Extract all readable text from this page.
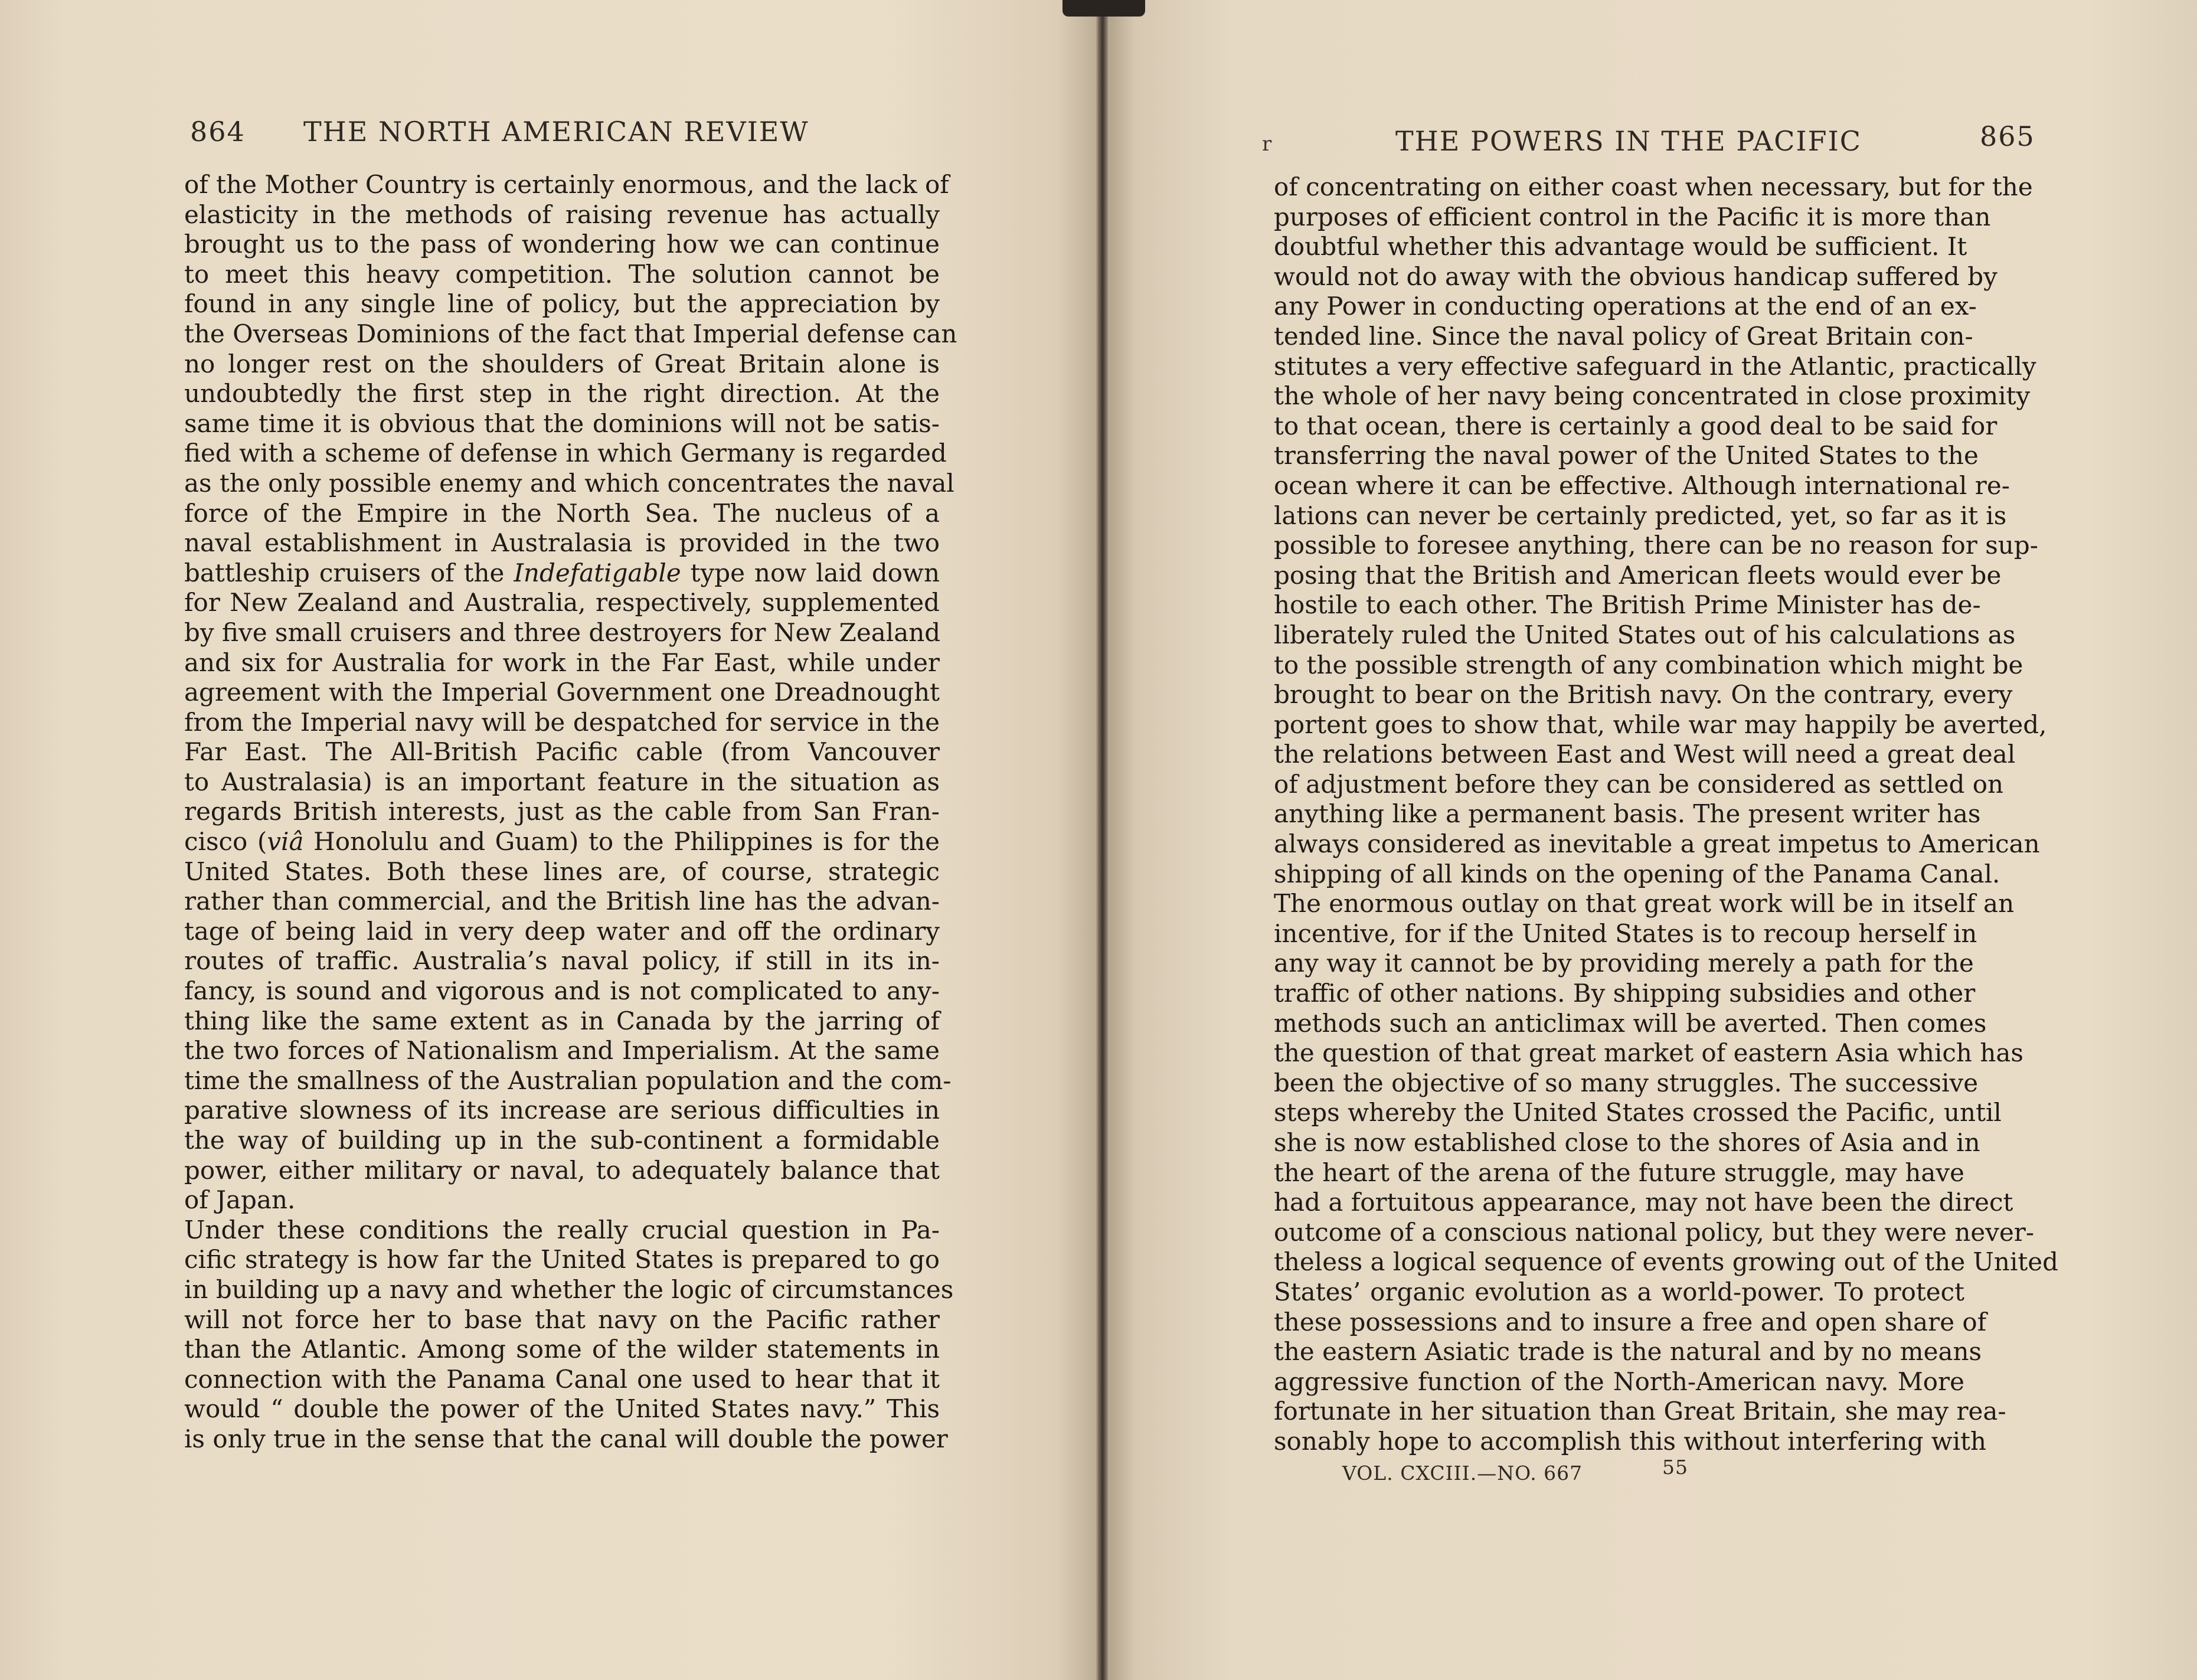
864 THE NORTH AMERICAN REVIEW
of the Mother Country is certainly enormous, and the lack of
elasticity in the methods of raising revenue has actually
brought us to the pass of wondering how we can continue
to meet this heavy competition. The solution cannot be
found in any single line of policy, but the appreciation by
the Overseas Dominions of the fact that Imperial defense can
no longer rest on the shoulders of Great Britain alone is
undoubtedly the first step in the right direction. At the
same time it is obvious that the dominions will not be satis-
fied with a scheme of defense in which Germany is regarded
as the only possible enemy and which concentrates the naval
force of the Empire in the North Sea. The nucleus of a
naval establishment in Australasia is provided in the two
battleship cruisers of the Indefatigable type now laid down
for New Zealand and Australia, respectively, supplemented
by five small cruisers and three destroyers for New Zealand
and six for Australia for work in the Far East, while under
agreement with the Imperial Government one Dreadnought
from the Imperial navy will be despatched for service in the
Far East. The All-British Pacific cable (from Vancouver
to Australasia) is an important feature in the situation as
regards British interests, just as the cable from San Fran-
cisco (viâ Honolulu and Guam) to the Philippines is for the
United States. Both these lines are, of course, strategic
rather than commercial, and the British line has the advan-
tage of being laid in very deep water and off the ordinary
routes of traffic. Australia’s naval policy, if still in its in-
fancy, is sound and vigorous and is not complicated to any-
thing like the same extent as in Canada by the jarring of
the two forces of Nationalism and Imperialism. At the same
time the smallness of the Australian population and the com-
parative slowness of its increase are serious difficulties in
the way of building up in the sub-continent a formidable
power, either military or naval, to adequately balance that
of Japan.
Under these conditions the really crucial question in Pa-
cific strategy is how far the United States is prepared to go
in building up a navy and whether the logic of circumstances
will not force her to base that navy on the Pacific rather
than the Atlantic. Among some of the wilder statements in
connection with the Panama Canal one used to hear that it
would “ double the power of the United States navy.” This
is only true in the sense that the canal will double the power
r	THE POWERS IN THE PACIFIC	865
of concentrating on either coast when necessary, but for the
purposes of efficient control in the Pacific it is more than
doubtful whether this advantage would be sufficient. It
would not do away with the obvious handicap suffered by
any Power in conducting operations at the end of an ex-
tended line. Since the naval policy of Great Britain con-
stitutes a very effective safeguard in the Atlantic, practically
the whole of her navy being concentrated in close proximity
to that ocean, there is certainly a good deal to be said for
transferring the naval power of the United States to the
ocean where it can be effective. Although international re-
lations can never be certainly predicted, yet, so far as it is
possible to foresee anything, there can be no reason for sup-
posing that the British and American fleets would ever be
hostile to each other. The British Prime Minister has de-
liberately ruled the United States out of his calculations as
to the possible strength of any combination which might be
brought to bear on the British navy. On the contrary, every
portent goes to show that, while war may happily be averted,
the relations between East and West will need a great deal
of adjustment before they can be considered as settled on
anything like a permanent basis. The present writer has
always considered as inevitable a great impetus to American
shipping of all kinds on the opening of the Panama Canal.
The enormous outlay on that great work will be in itself an
incentive, for if the United States is to recoup herself in
any way it cannot be by providing merely a path for the
traffic of other nations. By shipping subsidies and other
methods such an anticlimax will be averted. Then comes
the question of that great market of eastern Asia which has
been the objective of so many struggles. The successive
steps whereby the United States crossed the Pacific, until
she is now established close to the shores of Asia and in
the heart of the arena of the future struggle, may have
had a fortuitous appearance, may not have been the direct
outcome of a conscious national policy, but they were never-
theless a logical sequence of events growing out of the United
States’ organic evolution as a world-power. To protect
these possessions and to insure a free and open share of
the eastern Asiatic trade is the natural and by no means
aggressive function of the North-American navy. More
fortunate in her situation than Great Britain, she may rea-
sonably hope to accomplish this without interfering with
VOL. CXCIII.—NO. 667	55
